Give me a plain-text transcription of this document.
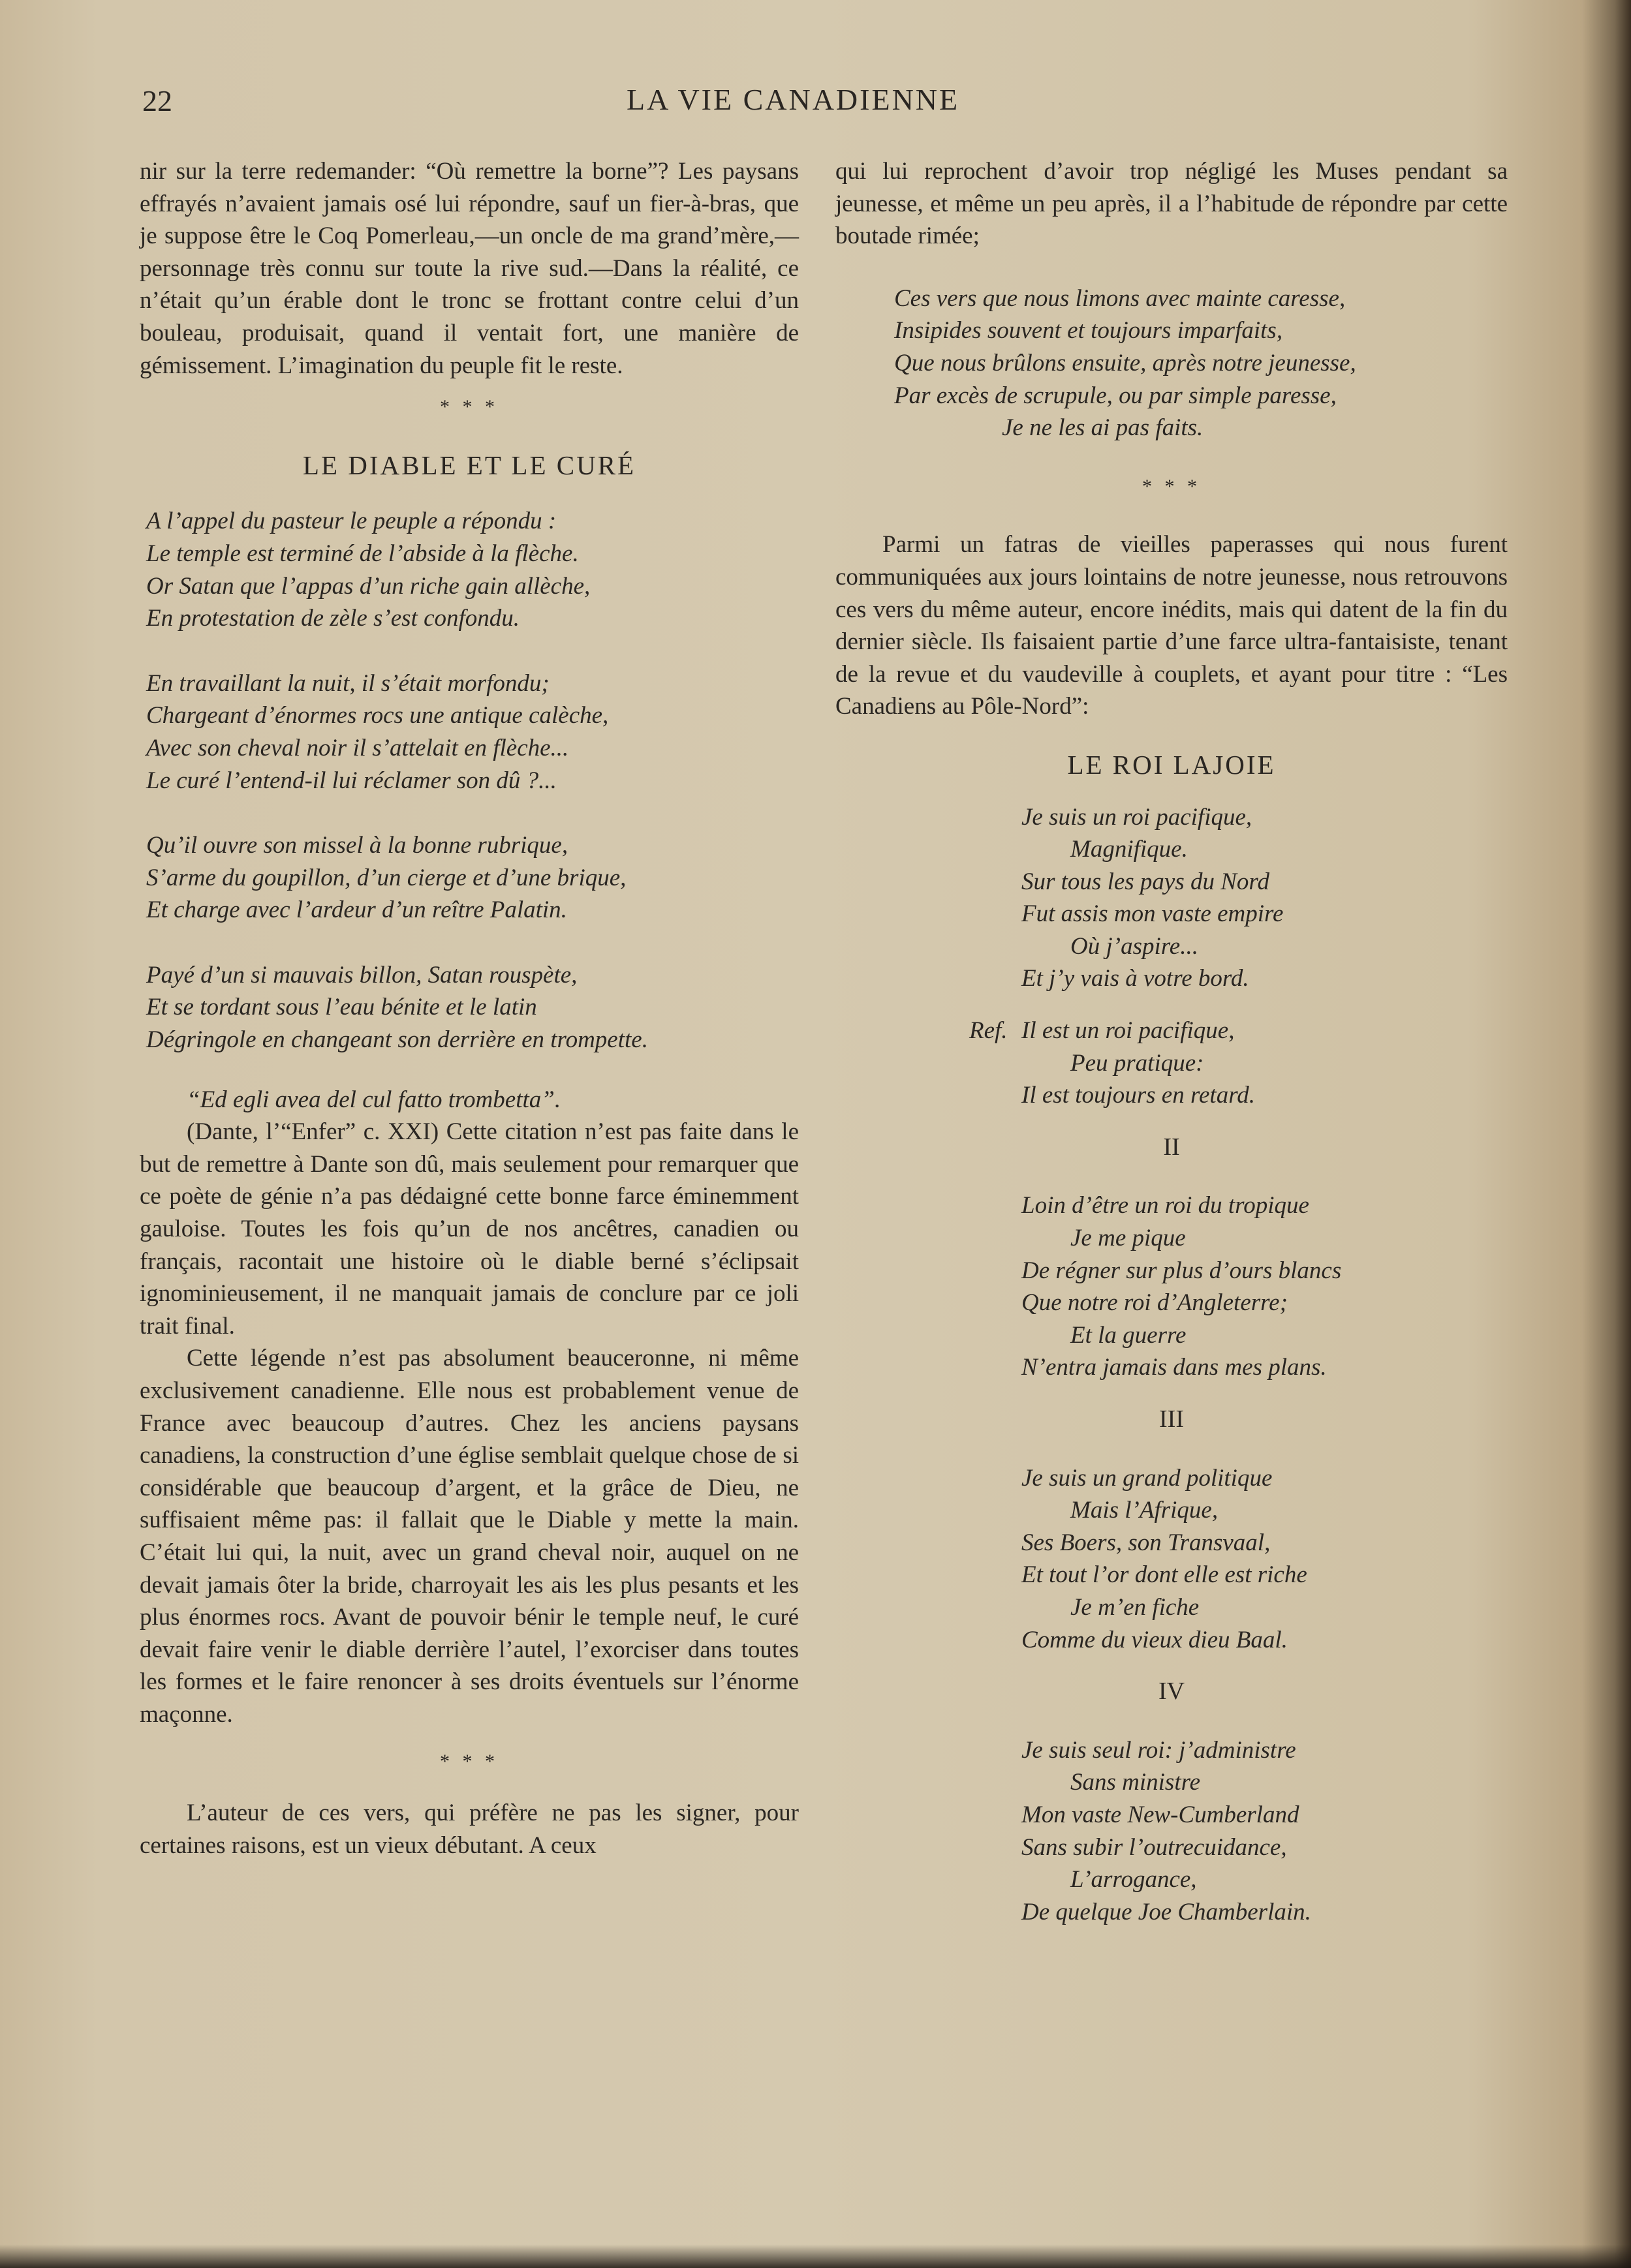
22	LA VIE CANADIENNE

nir sur la terre redemander: “Où remettre la borne”? Les paysans effrayés n’avaient jamais osé lui répondre, sauf un fier-à-bras, que je suppose être le Coq Pomerleau,—un oncle de ma grand’mère,—personnage très connu sur toute la rive sud.—Dans la réalité, ce n’était qu’un érable dont le tronc se frottant contre celui d’un bouleau, produisait, quand il ventait fort, une manière de gémissement. L’imagination du peuple fit le reste.

* * *
LE DIABLE ET LE CURÉ
A l’appel du pasteur le peuple a répondu :
Le temple est terminé de l’abside à la flèche.
Or Satan que l’appas d’un riche gain allèche,
En protestation de zèle s’est confondu.
En travaillant la nuit, il s’était morfondu;
Chargeant d’énormes rocs une antique calèche,
Avec son cheval noir il s’attelait en flèche...
Le curé l’entend-il lui réclamer son dû ?...
Qu’il ouvre son missel à la bonne rubrique,
S’arme du goupillon, d’un cierge et d’une brique,
Et charge avec l’ardeur d’un reître Palatin.
Payé d’un si mauvais billon, Satan rouspète,
Et se tordant sous l’eau bénite et le latin
Dégringole en changeant son derrière en trompette.

“Ed egli avea del cul fatto trombetta”.

(Dante, l’“Enfer” c. XXI) Cette citation n’est pas faite dans le but de remettre à Dante son dû, mais seulement pour remarquer que ce poète de génie n’a pas dédaigné cette bonne farce éminemment gauloise. Toutes les fois qu’un de nos ancêtres, canadien ou français, racontait une histoire où le diable berné s’éclipsait ignominieusement, il ne manquait jamais de conclure par ce joli trait final.

Cette légende n’est pas absolument beauceronne, ni même exclusivement canadienne. Elle nous est probablement venue de France avec beaucoup d’autres. Chez les anciens paysans canadiens, la construction d’une église semblait quelque chose de si considérable que beaucoup d’argent, et la grâce de Dieu, ne suffisaient même pas: il fallait que le Diable y mette la main. C’était lui qui, la nuit, avec un grand cheval noir, auquel on ne devait jamais ôter la bride, charroyait les ais les plus pesants et les plus énormes rocs. Avant de pouvoir bénir le temple neuf, le curé devait faire venir le diable derrière l’autel, l’exorciser dans toutes les formes et le faire renoncer à ses droits éventuels sur l’énorme maçonne.

* * *

L’auteur de ces vers, qui préfère ne pas les signer, pour certaines raisons, est un vieux débutant. A ceux

qui lui reprochent d’avoir trop négligé les Muses pendant sa jeunesse, et même un peu après, il a l’habitude de répondre par cette boutade rimée;

Ces vers que nous limons avec mainte caresse,
Insipides souvent et toujours imparfaits,
Que nous brûlons ensuite, après notre jeunesse,
Par excès de scrupule, ou par simple paresse,
Je ne les ai pas faits.
* * *

Parmi un fatras de vieilles paperasses qui nous furent communiquées aux jours lointains de notre jeunesse, nous retrouvons ces vers du même auteur, encore inédits, mais qui datent de la fin du dernier siècle. Ils faisaient partie d’une farce ultra-fantaisiste, tenant de la revue et du vaudeville à couplets, et ayant pour titre : “Les Canadiens au Pôle-Nord”:

LE ROI LAJOIE
Je suis un roi pacifique,
Magnifique.
Sur tous les pays du Nord
Fut assis mon vaste empire
Où j’aspire...
Et j’y vais à votre bord.
Ref. Il est un roi pacifique,
Peu pratique:
Il est toujours en retard.
II
Loin d’être un roi du tropique
Je me pique
De régner sur plus d’ours blancs
Que notre roi d’Angleterre;
Et la guerre
N’entra jamais dans mes plans.
III
Je suis un grand politique
Mais l’Afrique,
Ses Boers, son Transvaal,
Et tout l’or dont elle est riche
Je m’en fiche
Comme du vieux dieu Baal.
IV
Je suis seul roi: j’administre
Sans ministre
Mon vaste New-Cumberland
Sans subir l’outrecuidance,
L’arrogance,
De quelque Joe Chamberlain.
